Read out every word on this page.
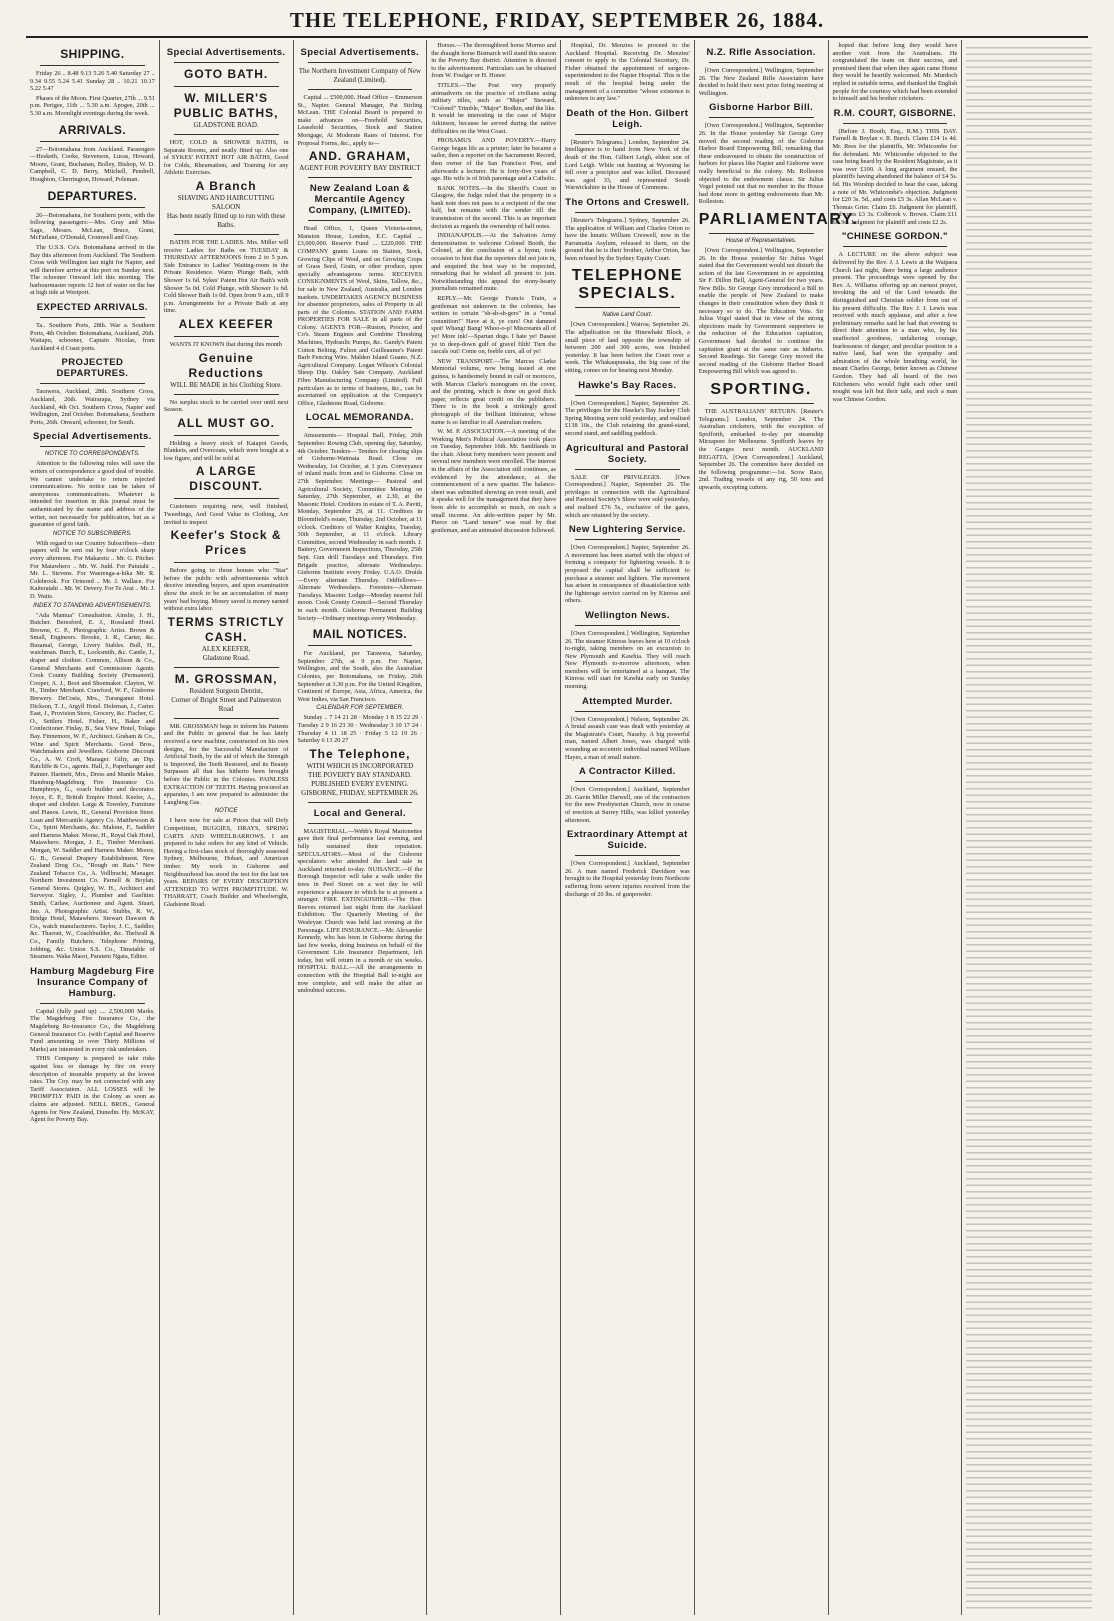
THE TELEPHONE, FRIDAY, SEPTEMBER 26, 1884.
SHIPPING.

Friday 26 .. 8.48 9.13 5.26 5.40 Saturday 27 .. 9.34 9.55 5.24 5.41 Sunday 28 .. 10.21 10.17 5.22 5.47

Phases of the Moon. First Quarter, 27th ... 9.51 p.m. Perigee, 11th ... 5.30 a.m. Apogee, 20th ... 5.30 a.m. Moonlight evenings during the week.

ARRIVALS.

27—Botomahana from Auckland. Passengers—Hesketh, Cooke, Stevenson, Lucas, Howard, Moore, Grant, Buchanan, Bolley, Bishop, W. D. Campbell, C. D. Berry, Mitchell, Pendrell, Houghton, Cherrington, Howard, Poleman.

DEPARTURES.

26—Botomahana, for Southern ports, with the following passengers:—Mrs. Gray and Miss Sage, Messrs. McLean, Bruce, Grant, McFarlane, O'Donald, Cromwell and Gray.

The U.S.S. Co's. Botomahana arrived in the Bay this afternoon from Auckland. The Southern Cross with Wellington last night for Napier, and will therefore arrive at this port on Sunday next. The schooner Onward left this morning. The harbourmaster reports 12 feet of water on the bar at high tide at Westport.

EXPECTED ARRIVALS.

Ta.. Southern Ports, 28th. War a. Southern Ports, 4th October. Botomahana, Auckland, 26th. Waitapu, schooner, Captain Nicolas, from Auckland 4 d Coast ports.

PROJECTED DEPARTURES.

Tarawera, Auckland, 28th. Southern Cross, Auckland, 26th. Wairarapa, Sydney via Auckland, 4th Oct. Southern Cross, Napier and Wellington, 2nd October. Botomahana, Southern Ports, 26th. Onward, schooner, for South.

Special Advertisements.
NOTICE TO CORRESPONDENTS.

Attention to the following rules will save the writers of correspondence a good deal of trouble. We cannot undertake to return rejected communications. No notice can be taken of anonymous communications. Whatever is intended for insertion in this journal must be authenticated by the name and address of the writer, not necessarily for publication, but as a guarantee of good faith.

NOTICE TO SUBSCRIBERS.

With regard to our Country Subscribers—their papers will be sent out by four o'clock sharp every afternoon. For Makaretu .. Mr. G. Pitcher. For Matawhero .. Mr. W. Judd. For Patutahi .. Mr. L. Stevens. For Waerenga-a-hika Mr. R. Colebrook. For Ormond .. Mr. J. Wallace. For Kaiteratahi .. Mr. W. Devery. For Te Arai .. Mr. J. D. Watts.

INDEX TO STANDING ADVERTISEMENTS.

"Ada Mantua" Consultation. Ainslie, J. H., Butcher. Beresford, E. J., Rossland Hotel. Browne, C. P., Photographic Artist. Brown & Small, Engineers. Brooke, J. R., Carter, &c. Busamal, George, Livery Stables. Bull, H., watchman. Burch, E., Locksmith, &c. Cantle, J., draper and clothier. Common, Allison & Co., General Merchants and Commission Agents. Cook County Building Society (Permanent). Cooper, A. J., Boot and Shoemaker. Clayton, W. H., Timber Merchant. Crawford, W. F., Gisborne Brewery. DeCosta, Mrs., Turanganui Hotel. Dickson, T. J., Argyll Hotel. Doleman, J., Carter. East, J., Provision Store, Grocery, &c. Fischer, C. O., Settlers Hotel. Fisher, H., Baker and Confectioner. Finlay, B., Sea View Hotel, Tolaga Bay. Finnemore, W. F., Architect. Graham & Co., Wine and Spirit Merchants. Good Bros., Watchmakers and Jewellers. Gisborne Discount Co., A. W. Croft, Manager. Gilty, an Dip. Ratcliffe & Co., agents. Hall, J., Paperhanger and Painter. Hartnett, Mrs., Dress and Mantle Maker. Hamburg-Magdeburg Fire Insurance Co. Humphreys, G., coach builder and decorator. Joyce, E. P., British Empire Hotel. Keefer, A., draper and clothier. Large & Townley, Furniture and Pianos. Lewis, H., General Provision Store. Loan and Mercantile Agency Co. Matthewson & Co., Spirit Merchants, &c. Malone, F., Saddler and Harness Maker. Morse, H., Royal Oak Hotel, Matawhero. Morgan, J. E., Timber Merchant. Morgan, W. Saddler and Harness Maker. Moore, G. B., General Drapery Establishment. New Zealand Drug Co., "Rough on Rats." New Zealand Tobacco Co., A. Vollbracht, Manager. Northern Investment Co. Parnell & Boylan, General Stores. Quigley, W. H., Architect and Surveyor. Sigley, J., Plumber and Gasfitter. Smith, Carlaw, Auctioneer and Agent. Stuart, Jno. A. Photographic Artist. Stubbs, R. W., Bridge Hotel, Matawhero. Stewart Dawson & Co., watch manufacturers. Taylor, J. C., Saddler, &c. Tharratt, W., Coachbuilder, &c. Thelwall & Co., Family Butchers. Telephone Printing, Jobbing, &c. Union S.S. Co., Timetable of Steamers. Waka Maori, Parateni Ngata, Editor.

Hamburg Magdeburg Fire Insurance Company of Hamburg.

Capital (fully paid up) .... 2,500,000 Marks. The Magdeburg Fire Insurance Co., the Magdeburg Re-insurance Co., the Magdeburg General Insurance Co. (with Capital and Reserve Fund amounting to over Thirty Millions of Marks) are interested in every risk undertaken.

THIS Company is prepared to take risks against loss or damage by fire on every description of insurable property at the lowest rates. The Coy. may be not connected with any Tariff Association. ALL LOSSES will be PROMPTLY PAID in the Colony as soon as claims are adjusted. NEILL BROS., General Agents for New Zealand, Dunedin. Hy. McKAY, Agent for Poverty Bay.

Special Advertisements.
GOTO BATH.
W. MILLER'S PUBLIC BATHS,
GLADSTONE ROAD.

HOT, COLD & SHOWER BATHS, in Separate Rooms, and neatly fitted up. Also one of SYKES' PATENT HOT AIR BATHS, Good for Colds, Rheumatism, and Training for any Athletic Exercises.

A Branch
SHAVING AND HAIRCUTTING SALOON
Has been neatly fitted up to run with these Baths.

BATHS FOR THE LADIES. Mrs. Miller will receive Ladies for Baths on TUESDAY & THURSDAY AFTERNOONS from 2 to 5 p.m. Side Entrance to Ladies' Waiting-room in the Private Residence. Warm Plunge Bath, with Shower 1s 6d. Sykes' Patent Hot Air Bath's with Shower 5s 0d. Cold Plunge, with Shower 1s 6d. Cold Shower Bath 1s 0d. Open from 9 a.m., till 9 p.m. Arrangements for a Private Bath at any time.

ALEX KEEFER

WANTS IT KNOWN that during this month

Genuine Reductions
WILL BE MADE in his Clothing Store.

No surplus stock to be carried over until next Season.

ALL MUST GO.

Holding a heavy stock of Kaiapoi Goods, Blankets, and Overcoats, which were bought at a low figure, and will be sold at

A LARGE DISCOUNT.

Customers requiring new, well finished, Tweedings, And Good Value in Clothing, Are invited to inspect

Keefer's Stock & Prices

Before going to those houses who "Star" before the public with advertisements which deceive intending buyers, and upon examination show the stock to be an accumulation of many years' bad buying. Money saved is money earned without extra labor.

TERMS STRICTLY CASH.
ALEX KEEFER,
Gladstone Road.
M. GROSSMAN,
Resident Surgeon Dentist,
Corner of Bright Street and Palmerston Road

MR. GROSSMAN begs to inform his Patients and the Public in general that he has lately received a new machine, constructed on his own designs, for the Successful Manufacture of Artificial Teeth, by the aid of which the Strength is Improved, the Teeth Restored, and its Beauty Surpasses all that has hitherto been brought before the Public in the Colonies. PAINLESS EXTRACTION OF TEETH. Having procured an apparatus, I am now prepared to administer the Laughing Gas.

NOTICE

I have now for sale at Prices that will Defy Competition, BUGGIES, DRAYS, SPRING CARTS AND WHEELBARROWS. I am prepared to take orders for any kind of Vehicle. Having a first-class stock of thoroughly seasoned Sydney, Melbourne, Hobart, and American timber. My work in Gisborne and Neighbourhood has stood the test for the last ten years. REPAIRS OF EVERY DESCRIPTION ATTENDED TO WITH PROMPTITUDE. W. THARRATT, Coach Builder and Wheelwright, Gladstone Road.

Special Advertisements.
The Northern Investment Company of New Zealand (Limited).

Capital ... £500,000. Head Office – Emmerson St., Napier. General Manager, Pat Stirling McLean. THE Colonial Board is prepared to make advances on—Freehold Securities, Leasehold Securities, Stock and Station Mortgage, At Moderate Rates of Interest. For Proposal Forms, &c., apply to—

AND. GRAHAM,
AGENT FOR POVERTY BAY DISTRICT
New Zealand Loan & Mercantile Agency Company, (LIMITED).

Head Office, 1, Queen Victoria-street, Mansion House, London, E.C. Capital ... £3,000,000. Reserve Fund ... £220,000. THE COMPANY grants Loans on Station, Stock, Growing Clips of Wool, and on Growing Crops of Grass Seed, Grain, or other produce, upon specially advantageous terms. RECEIVES CONSIGNMENTS of Wool, Skins, Tallow, &c., for sale in New Zealand, Australia, and London markets. UNDERTAKES AGENCY BUSINESS for absentee proprietors, sales of Property in all parts of the Colonies. STATION AND FARM PROPERTIES FOR SALE in all parts of the Colony. AGENTS FOR—Ruston, Proctor, and Co's. Steam Engines and Combine Threshing Machines, Hydraulic Pumps, &c. Gandy's Patent Cotton Belting. Fulton and Guilleaume's Patent Barb Fencing Wire. Malden Island Guano. N.Z. Agricultural Company. Logan Wilson's Colonial Sheep Dip. Oakley Sate Company. Auckland Fibre Manufacturing Company (Limited). Full particulars as to terms of business, &c., can be ascertained on application at the Company's Office, Gladstone Road, Gisborne.

LOCAL MEMORANDA.

Amusements— Hospital Ball, Friday, 26th September. Rowing Club, opening day, Saturday, 4th October. Tenders— Tenders for clearing slips of Gisborne-Waimata Road. Close on Wednesday, 1st October, at 1 p.m. Conveyance of inland mails from and to Gisborne. Close on 27th September. Meetings— Pastoral and Agricultural Society, Committee Meeting on Saturday, 27th September, at 2.30, at the Masonic Hotel. Creditors in estate of T. A. Pavitt, Monday, September 29, at 11. Creditors in Bloomfield's estate, Thursday, 2nd October, at 11 o'clock. Creditors of Walter Knights, Tuesday, 30th September, at 11 o'clock. Library Committee, second Wednesday in each month. J. Battery, Government Inspections, Thursday, 25th Sept. Gun drill Tuesdays and Thursdays. Fire Brigade practice, alternate Wednesdays. Gisborne Institute every Friday. U.A.O. Druids—Every alternate Thursday. Oddfellows—Alternate Wednesdays. Foresters—Alternate Tuesdays. Masonic Lodge—Monday nearest full moon. Cook County Council—Second Thursday in each month. Gisborne Permanent Building Society—Ordinary meetings every Wednesday.

MAIL NOTICES.

For Auckland, per Tarawera, Saturday, September 27th, at 9 p.m. For Napier, Wellington, and the South, also the Australian Colonies, per Botomahana, on Friday, 26th September at 3.30 p.m. For the United Kingdom, Continent of Europe, Asia, Africa, America, the West Indies, via San Francisco.

CALENDAR FOR SEPTEMBER.

Sunday .. 7 14 21 28 · Monday 1 8 15 22 29 · Tuesday 2 9 16 23 30 · Wednesday 3 10 17 24 · Thursday 4 11 18 25 · Friday 5 12 19 26 · Saturday 6 13 20 27

The Telephone,
WITH WHICH IS INCORPORATED
THE POVERTY BAY STANDARD.
PUBLISHED EVERY EVENING.
GISBORNE, FRIDAY, SEPTEMBER 26.
Local and General.

MAGISTERIAL.—Webb's Royal Marionettes gave their final performance last evening, and fully sustained their reputation. SPECULATORS.—Most of the Gisborne speculators who attended the land sale in Auckland returned to-day. NUISANCE.—If the Borough Inspector will take a walk under the trees in Peel Street on a wet day he will experience a pleasure to which he is at present a stranger. FIRE EXTINGUISHER.—The Hon. Reeves returned last night from the Auckland Exhibition. The Quarterly Meeting of the Wesleyan Church was held last evening at the Parsonage. LIFE INSURANCE.—Mr. Alexander Kennedy, who has been in Gisborne during the last few weeks, doing business on behalf of the Government Life Insurance Department, left today, but will return in a month or six weeks. HOSPITAL BALL.—All the arrangements in connection with the Hospital Ball to-night are now complete, and will make the affair an undoubted success.

Horses.—The thoroughbred horse Mormo and the draught horse Bismarck will stand this season in the Poverty Bay district. Attention is directed to the advertisement. Particulars can be obtained from W. Foulger or H. Honor.

TITLES.—The Post very properly animadverts on the practice of civilians using military titles, such as "Major" Steward, "Colonel" Trimble, "Major" Bodkin, and the like. It would be interesting in the case of Major Atkinson, because he served during the native difficulties on the West Coast.

PROSAMUS AND POVERTY.—Harry George began life as a printer; later he became a sailor, then a reporter on the Sacramento Record, then owner of the San Francisco Post, and afterwards a lecturer. He is forty-five years of age. His wife is of Irish parentage and a Catholic.

BANK NOTES.—In the Sheriff's Court in Glasgow, the Judge ruled that the property in a bank note does not pass to a recipient of the one half, but remains with the sender till the transmission of the second. This is an important decision as regards the ownership of half notes.

INDIANAPOLIS.—At the Salvation Army demonstration to welcome Colonel Booth, the Colonel, at the conclusion of a hymn, took occasion to hint that the reporters did not join in, and enquired the best way to be respected, remarking that he wished all present to join. Notwithstanding this appeal the stony-hearty journalists remained mute.

REPLY.—Mr. George Francis Train, a gentleman not unknown in the colonies, has written to certain "sh-sh-sh-gers" in a "venal conunition!" Have at it, ye curs! Out damned spot! Whang! Bang! Whoo-o-p! Miscreants all of ye! More ink!—Spartan dogs. I hate ye! Basest ye in deep-down gulf of gravel filth! Turn the rascals out! Come on, feeble curs, all of ye!

NEW TRANSPORT.—The Marcus Clarke Memorial volume, now being issued at one guinea, is handsomely bound in calf or morocco, with Marcus Clarke's monogram on the cover, and the printing, which is done on good thick paper, reflects great credit on the publishers. There is in the book a strikingly good photograph of the brilliant littérateur, whose name is so familiar to all Australian readers.

W. M. P. ASSOCIATION.—A meeting of the Working Men's Political Association took place on Tuesday, September 16th. Mr. Sandilands in the chair. About forty members were present and several new members were enrolled. The interest in the affairs of the Association still continues, as evidenced by the attendance, at the commencement of a new quarter. The balance-sheet was submitted showing an even result, and it speaks well for the management that they have been able to accomplish so much, on such a small income. An able-written paper by Mr. Pierce on "Land tenure" was read by that gentleman, and an animated discussion followed.

Hospital, Dr. Menzies to proceed to the Auckland Hospital. Receiving Dr. Menzies' consent to apply to the Colonial Secretary, Dr. Fisher obtained the appointment of surgeon-superintendent to the Napier Hospital. This is the result of the hospital being under the management of a committee "whose existence is unknown to any law."

Death of the Hon. Gilbert Leigh.

[Reuter's Telegrams.] London, September 24. Intelligence is to hand from New York of the death of the Hon. Gilbert Leigh, eldest son of Lord Leigh. While out hunting at Wyoming he fell over a precipice and was killed. Deceased was aged 33, and represented South Warwickshire in the House of Commons.

The Ortons and Creswell.

[Reuter's Telegrams.] Sydney, September 26. The application of William and Charles Orton to have the lunatic William Creswell, now in the Parramatta Asylum, released to them, on the ground that he is their brother, Arthur Orton, has been refused by the Sydney Equity Court.

TELEPHONE SPECIALS.
Native Land Court.

[Own Correspondent.] Wairoa, September 26. The adjudication on the Hinewhaki Block, a small piece of land opposite the township of between 200 and 300 acres, was finished yesterday. It has been before the Court over a week. The Whakaupunaka, the big case of the sitting, comes on for hearing next Monday.

Hawke's Bay Races.

[Own Correspondent.] Napier, September 26. The privileges for the Hawke's Bay Jockey Club Spring Meeting were sold yesterday, and realised £138 10s., the Club retaining the grand-stand, second stand, and saddling paddock.

Agricultural and Pastoral Society.

SALE OF PRIVILEGES. [Own Correspondent.] Napier, September 26. The privileges in connection with the Agricultural and Pastoral Society's Show were sold yesterday, and realised £76 5s., exclusive of the gates, which are retained by the society.

New Lightering Service.

[Own Correspondent.] Napier, September 26. A movement has been started with the object of forming a company for lightering vessels. It is proposed the capital shall be sufficient to purchase a steamer and lighters. The movement has arisen in consequence of dissatisfaction with the lighterage service carried on by Kinross and others.

Wellington News.

[Own Correspondent.] Wellington, September 26. The steamer Kinross leaves here at 10 o'clock to-night, taking members on an excursion to New Plymouth and Kawhia. They will reach New Plymouth to-morrow afternoon, when members will be entertained at a banquet. The Kinross will start for Kawhia early on Sunday morning.

Attempted Murder.

[Own Correspondent.] Nelson, September 26. A brutal assault case was dealt with yesterday at the Magistrate's Court, Nasehy. A big powerful man, named Albert Jones, was charged with wounding an eccentric individual named William Hayes, a man of small stature.

A Contractor Killed.

[Own Correspondent.] Auckland, September 26. Gavin Miller Darwell, one of the contractors for the new Presbyterian Church, now in course of erection at Surrey Hills, was killed yesterday afternoon.

Extraordinary Attempt at Suicide.

[Own Correspondent.] Auckland, September 26. A man named Frederick Davidson was brought to the Hospital yesterday from Northcote suffering from severe injuries received from the discharge of 20 lbs. of gunpowder.

N.Z. Rifle Association.

[Own Correspondent.] Wellington, September 26. The New Zealand Rifle Association have decided to hold their next prize firing meeting at Wellington.

Gisborne Harbor Bill.

[Own Correspondent.] Wellington, September 26. In the House yesterday Sir George Grey moved the second reading of the Gisborne Harbor Board Empowering Bill, remarking that these endeavoured to obtain the construction of harbors for places like Napier and Gisborne were really beneficial to the colony. Mr. Rolleston objected to the endowment clause. Sir Julius Vogel pointed out that no member in the House had done more in getting endowments than Mr. Rolleston.

PARLIAMENTARY.
House of Representatives.

[Own Correspondent.] Wellington, September 26. In the House yesterday Sir Julius Vogel stated that the Government would not disturb the action of the late Government in re appointing Sir F. Dillon Bell, Agent-General for two years. New Bills. Sir George Grey introduced a Bill to enable the people of New Zealand to make changes in their constitution when they think it necessary so to do. The Education Vote. Sir Julius Vogel stated that in view of the strong objections made by Government supporters to the reduction of the Education capitation, Government had decided to continue the capitation grant at the same rate as hitherto. Second Readings. Sir George Grey moved the second reading of the Gisborne Harbor Board Empowering Bill which was agreed to.

SPORTING.

THE AUSTRALIANS' RETURN. [Reuter's Telegrams.] London, September 24. The Australian cricketers, with the exception of Spofforth, embarked to-day per steamship Mirzapore for Melbourne. Spofforth leaves by the Ganges next month. AUCKLAND REGATTA. [Own Correspondent.] Auckland, September 26. The committee have decided on the following programme:—1st. Scow Race, 2nd. Trading vessels of any rig, 50 tons and upwards, excepting cutters.

hoped that before long they would have another visit from the Australians. He congratulated the team on their success, and promised them that when they again came Home they would be heartily welcomed. Mr. Murdoch replied in suitable terms, and thanked the English people for the courtesy which had been extended to himself and his brother cricketers.

R.M. COURT, GISBORNE.

(Before J. Booth, Esq., R.M.) THIS DAY. Farnell & Boylan v. R. Burch. Claim £14 1s 4d. Mr. Rees for the plaintiffs, Mr. Whitcombe for the defendant. Mr. Whitcombe objected to the case being heard by the Resident Magistrate, as it was over £100. A long argument ensued, the plaintiffs having abandoned the balance of £4 5s. 6d. His Worship decided to hear the case, taking a note of Mr. Whitcombe's objection. Judgment for £20 3s. 5d., and costs £5 3s. Allan McLean v. Thomas Grier. Claim £6. Judgment for plaintiff, and costs £3 3s. Colbrook v. Brown. Claim £11 6s. 9d. Judgment for plaintiff and costs £2 2s.

"CHINESE GORDON."

A LECTURE on the above subject was delivered by the Rev. J. J. Lewis at the Waipaoa Church last night, there being a large audience present. The proceedings were opened by the Rev. A. Williams offering up an earnest prayer, invoking the aid of the Lord towards the distinguished and Christian soldier from out of his present difficulty. The Rev. J. J. Lewis was received with much applause, and after a few preliminary remarks said he had that evening to direct their attention to a man who, by his unaffected goodness, unfaltering courage, fearlessness of danger, and peculiar position in a native land, had won the sympathy and admiration of the whole breathing world, he meant Charles George, better known as Chinese Gordon. They had all heard of the two Kitcheners who would fight each other until nought was left but their tails, and such a man was Chinese Gordon.
